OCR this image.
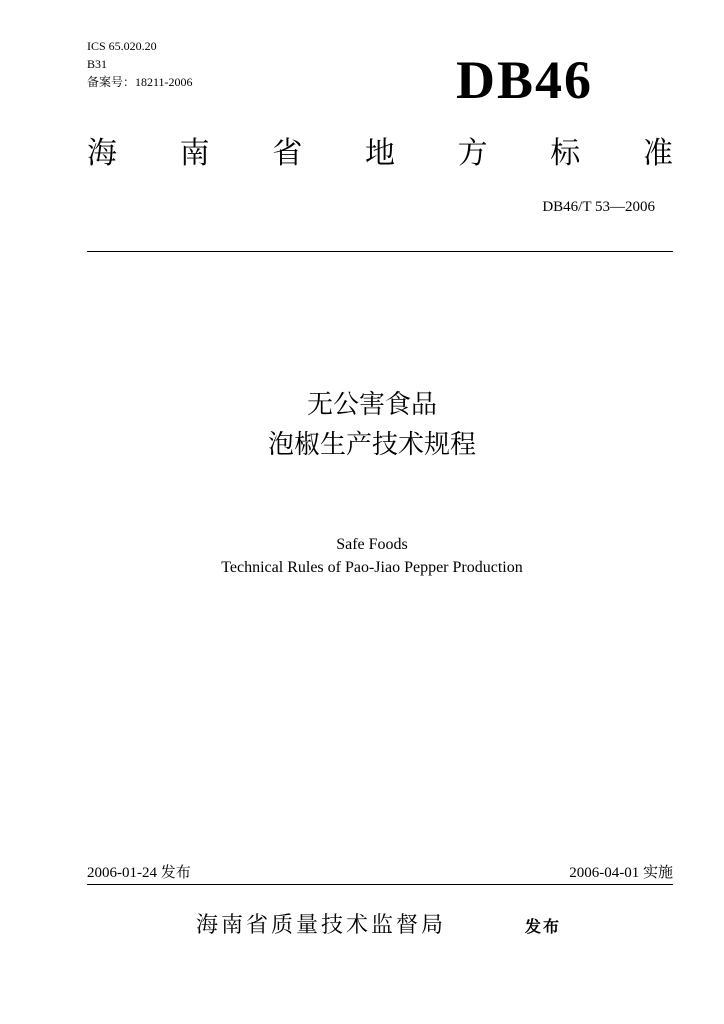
ICS 65.020.20
B31
备案号：18211-2006	DB46
海 南 省 地 方 标 准
DB46/T 53—2006
无公害食品
泡椒生产技术规程
Safe Foods
Technical Rules of Pao-Jiao Pepper Production
2006-01-24 发布	2006-04-01 实施
海南省质量技术监督局	发布
